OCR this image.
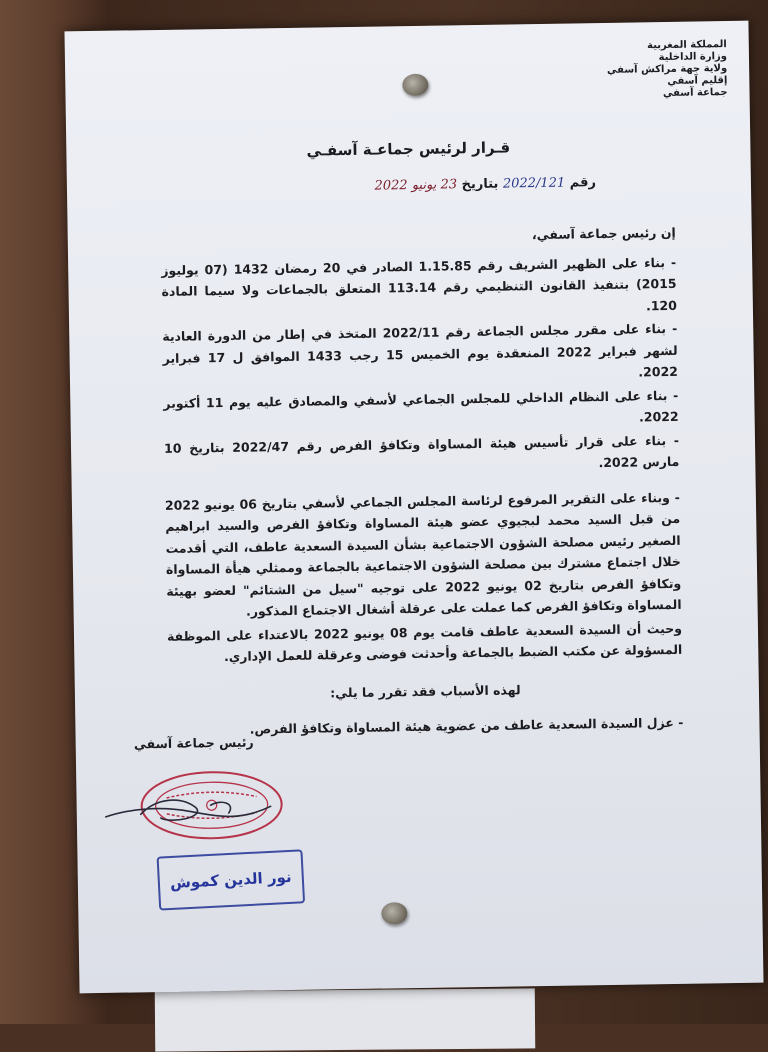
المملكة المغربية
وزارة الداخلية
ولاية جهة مراكش آسفي
إقليم آسفي
جماعة آسفي
قـرار لرئيس جماعـة آسفـي
رقم 2022/121 بتاريخ 23 يونيو 2022

إن رئيس جماعة آسفي،

- بناء على الظهير الشريف رقم 1.15.85 الصادر في 20 رمضان 1432 (07 يوليوز 2015) بتنفيذ القانون التنظيمي رقم 113.14 المتعلق بالجماعات ولا سيما المادة 120.

- بناء على مقرر مجلس الجماعة رقم 2022/11 المتخذ في إطار من الدورة العادية لشهر فبراير 2022 المنعقدة يوم الخميس 15 رجب 1433 الموافق ل 17 فبراير 2022.

- بناء على النظام الداخلي للمجلس الجماعي لأسفي والمصادق عليه يوم 11 أكتوبر 2022.

- بناء على قرار تأسيس هيئة المساواة وتكافؤ الفرص رقم 2022/47 بتاريخ 10 مارس 2022.

- وبناء على التقرير المرفوع لرئاسة المجلس الجماعي لأسفي بتاريخ 06 يونيو 2022 من قبل السيد محمد لبجيوي عضو هيئة المساواة وتكافؤ الفرص والسيد ابراهيم الصغير رئيس مصلحة الشؤون الاجتماعية بشأن السيدة السعدية عاطف، التي أقدمت خلال اجتماع مشترك بين مصلحة الشؤون الاجتماعية بالجماعة وممثلي هيأة المساواة وتكافؤ الفرص بتاريخ 02 يونيو 2022 على توجيه "سيل من الشتائم" لعضو بهيئة المساواة وتكافؤ الفرص كما عملت على عرقلة أشغال الاجتماع المذكور.

وحيث أن السيدة السعدية عاطف قامت يوم 08 يونيو 2022 بالاعتداء على الموظفة المسؤولة عن مكتب الضبط بالجماعة وأحدثت فوضى وعرقلة للعمل الإداري.

لهذه الأسباب فقد تقرر ما يلي:

- عزل السيدة السعدية عاطف من عضوية هيئة المساواة وتكافؤ الفرص.

رئيس جماعة آسفي
نور الدين كموش
